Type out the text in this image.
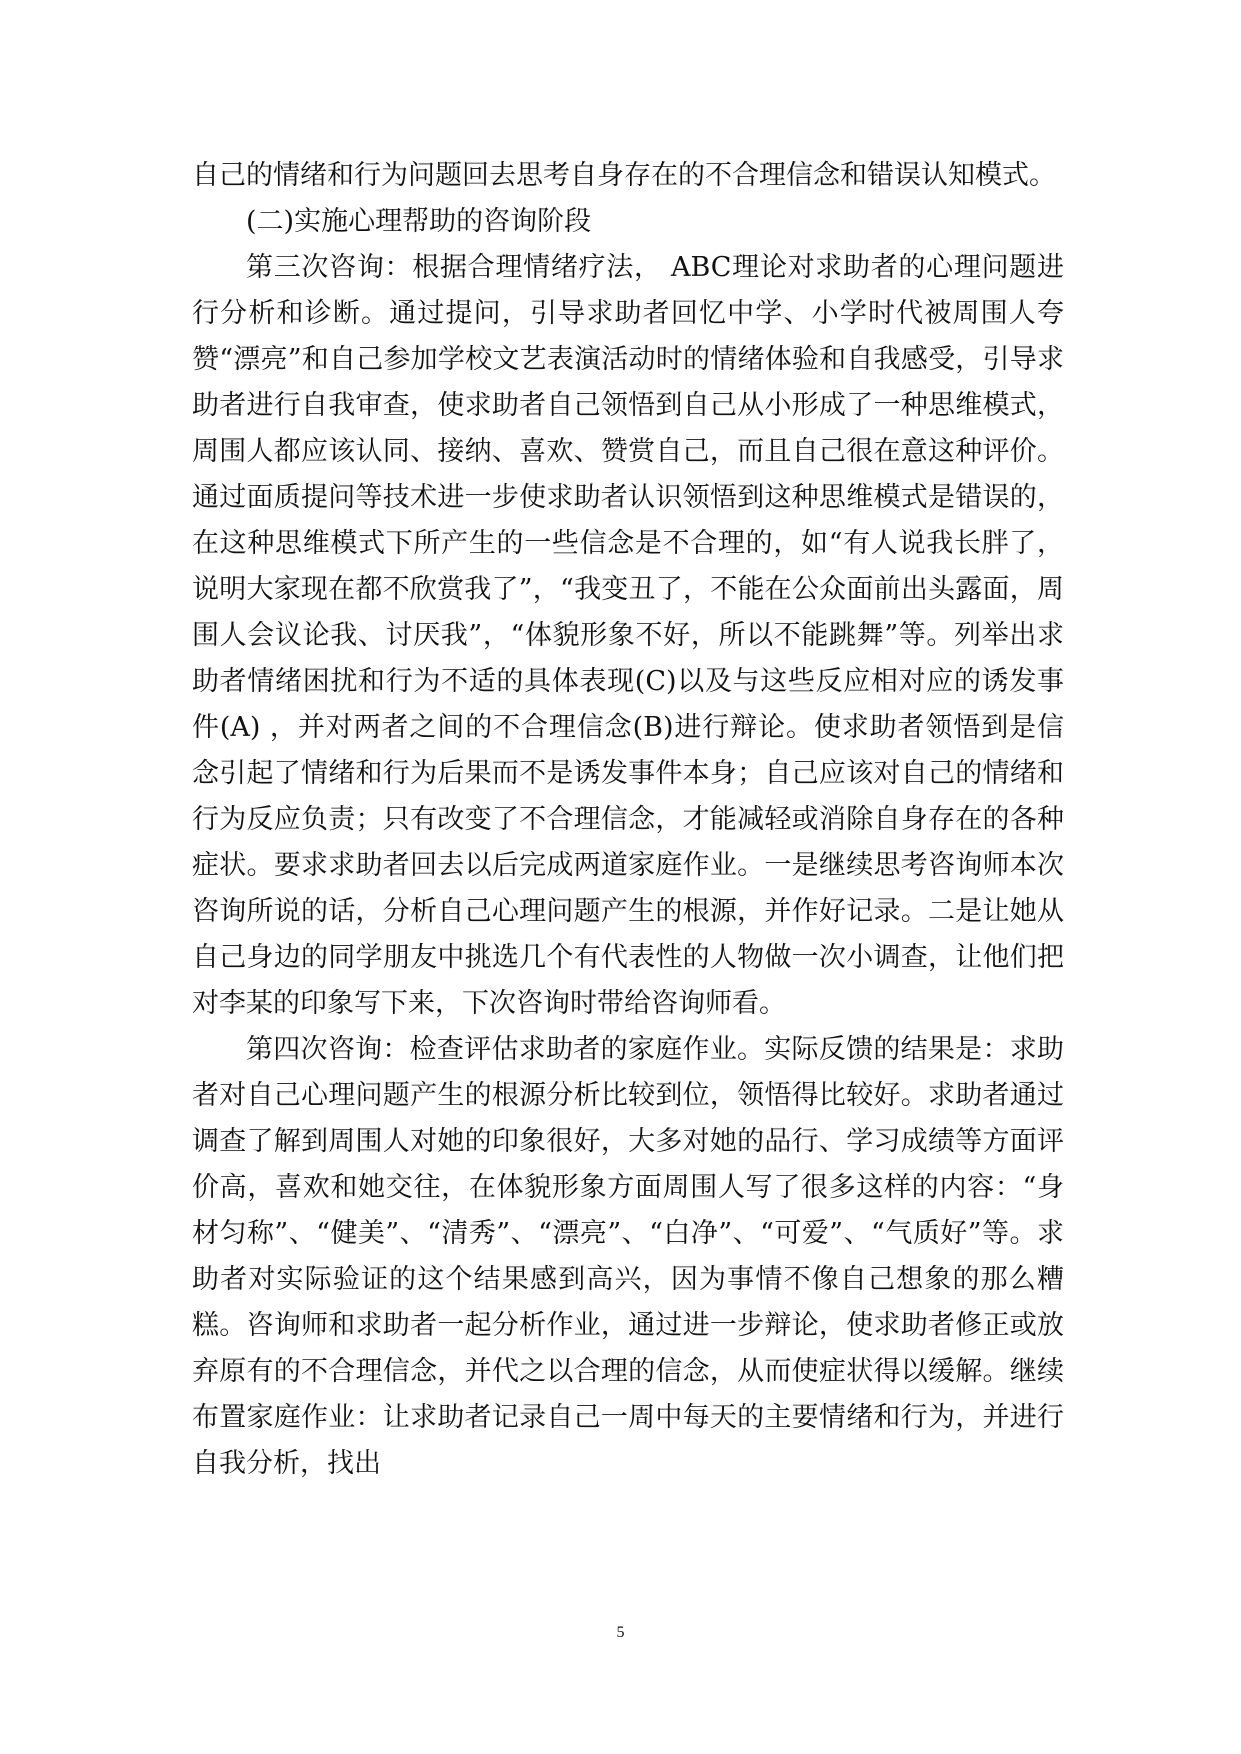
自己的情绪和行为问题回去思考自身存在的不合理信念和错误认知模式。

(二)实施心理帮助的咨询阶段

第三次咨询：根据合理情绪疗法， ABC理论对求助者的心理问题进行分析和诊断。通过提问，引导求助者回忆中学、小学时代被周围人夸赞“漂亮”和自己参加学校文艺表演活动时的情绪体验和自我感受，引导求助者进行自我审查，使求助者自己领悟到自己从小形成了一种思维模式，周围人都应该认同、接纳、喜欢、赞赏自己，而且自己很在意这种评价。通过面质提问等技术进一步使求助者认识领悟到这种思维模式是错误的，在这种思维模式下所产生的一些信念是不合理的，如“有人说我长胖了，说明大家现在都不欣赏我了”，“我变丑了，不能在公众面前出头露面，周围人会议论我、讨厌我”，“体貌形象不好，所以不能跳舞”等。列举出求助者情绪困扰和行为不适的具体表现(C)以及与这些反应相对应的诱发事件(A) ，并对两者之间的不合理信念(B)进行辩论。使求助者领悟到是信念引起了情绪和行为后果而不是诱发事件本身；自己应该对自己的情绪和行为反应负责；只有改变了不合理信念，才能减轻或消除自身存在的各种症状。要求求助者回去以后完成两道家庭作业。一是继续思考咨询师本次咨询所说的话，分析自己心理问题产生的根源，并作好记录。二是让她从自己身边的同学朋友中挑选几个有代表性的人物做一次小调查，让他们把对李某的印象写下来，下次咨询时带给咨询师看。

第四次咨询：检查评估求助者的家庭作业。实际反馈的结果是：求助者对自己心理问题产生的根源分析比较到位，领悟得比较好。求助者通过调查了解到周围人对她的印象很好，大多对她的品行、学习成绩等方面评价高，喜欢和她交往，在体貌形象方面周围人写了很多这样的内容：“身材匀称”、“健美”、“清秀”、“漂亮”、“白净”、“可爱”、“气质好”等。求助者对实际验证的这个结果感到高兴，因为事情不像自己想象的那么糟糕。咨询师和求助者一起分析作业，通过进一步辩论，使求助者修正或放弃原有的不合理信念，并代之以合理的信念，从而使症状得以缓解。继续布置家庭作业：让求助者记录自己一周中每天的主要情绪和行为，并进行自我分析，找出

5
